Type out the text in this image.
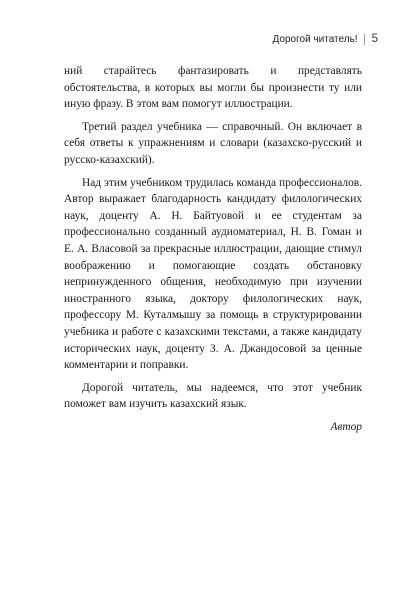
Дорогой читатель! 5

ний старайтесь фантазировать и представлять обстоятельства, в которых вы могли бы произнести ту или иную фразу. В этом вам помогут иллюстрации.

Третий раздел учебника — справочный. Он включает в себя ответы к упражнениям и словари (казахско-русский и русско-казахский).

Над этим учебником трудилась команда профессионалов. Автор выражает благодарность кандидату филологических наук, доценту А. Н. Байтуовой и ее студентам за профессионально созданный аудиоматериал, Н. В. Гоман и Е. А. Власовой за прекрасные иллюстрации, дающие стимул воображению и помогающие создать обстановку непринужденного общения, необходимую при изучении иностранного языка, доктору филологических наук, профессору М. Куталмышу за помощь в структурировании учебника и работе с казахскими текстами, а также кандидату исторических наук, доценту З. А. Джандосовой за ценные комментарии и поправки.

Дорогой читатель, мы надеемся, что этот учебник поможет вам изучить казахский язык.

Автор
